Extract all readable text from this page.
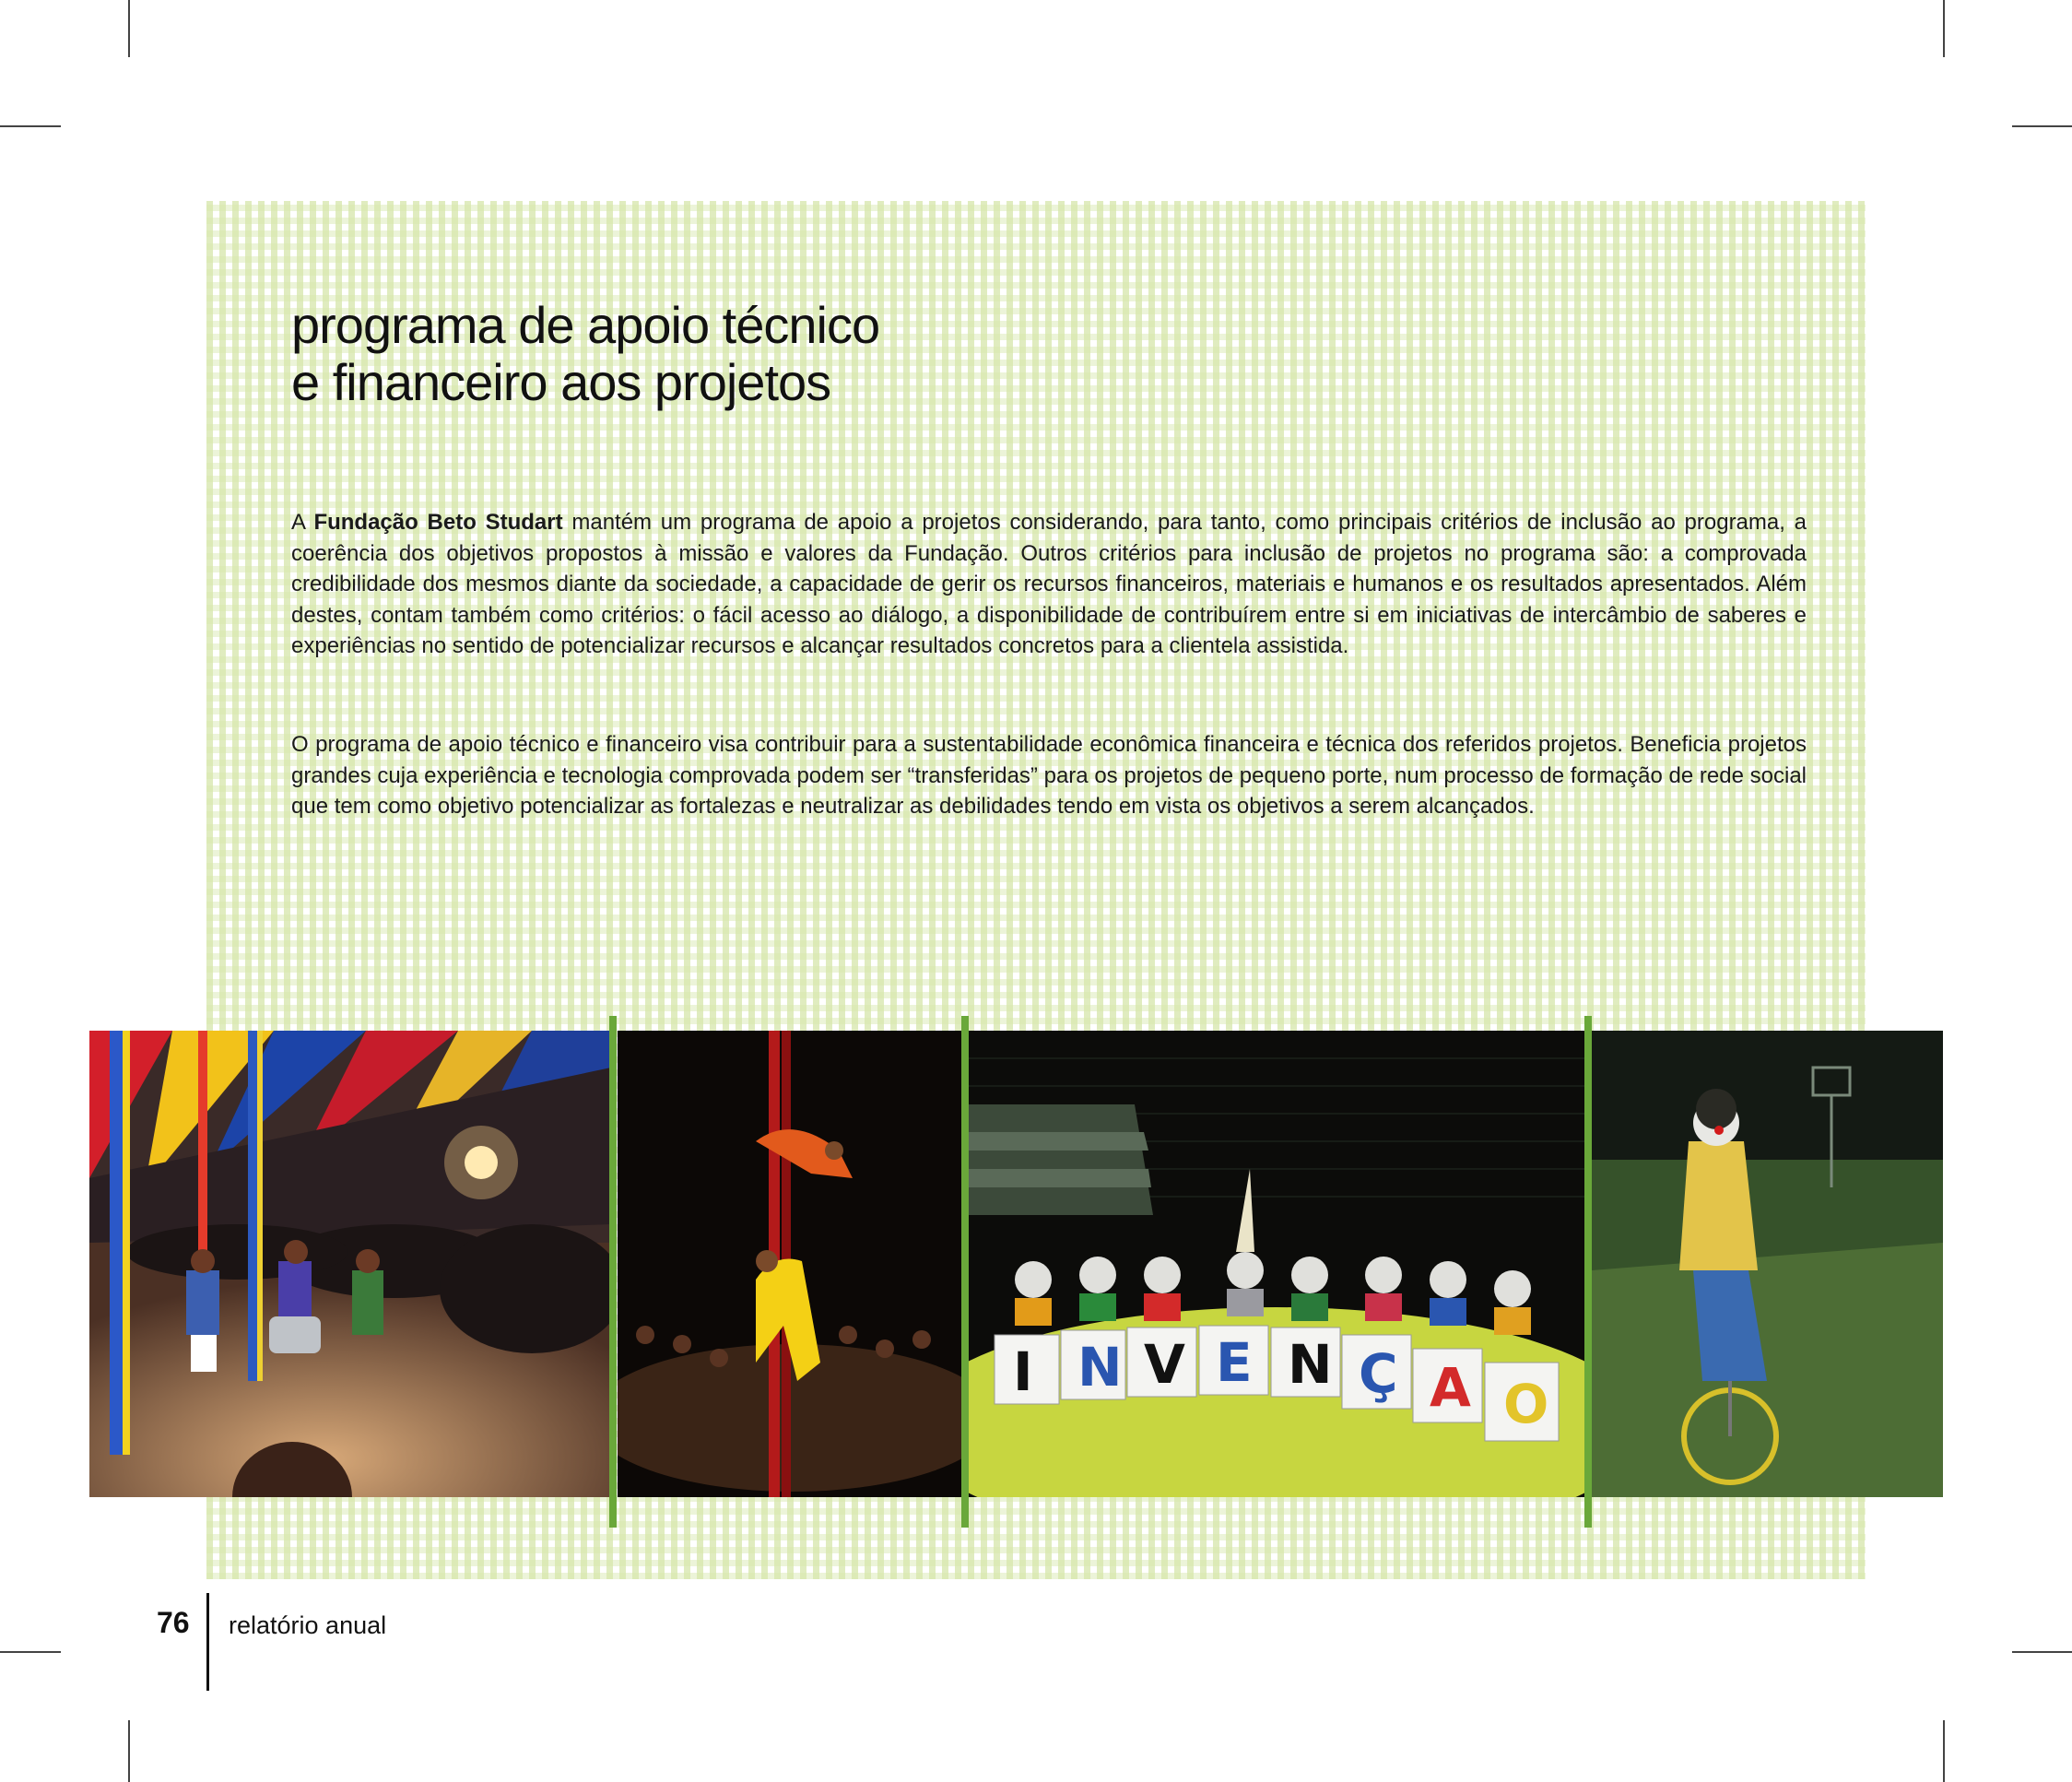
programa de apoio técnico
e financeiro aos projetos

A Fundação Beto Studart mantém um programa de apoio a projetos considerando, para tanto, como principais critérios de inclusão ao programa, a coerência dos objetivos propostos à missão e valores da Fundação. Outros critérios para inclusão de projetos no programa são: a comprovada credibilidade dos mesmos diante da sociedade, a capacidade de gerir os recursos financeiros, materiais e humanos e os resultados apresentados. Além destes, contam também como critérios: o fácil acesso ao diálogo, a disponibilidade de contribuírem entre si em iniciativas de intercâmbio de saberes e experiências no sentido de potencializar recursos e alcançar resultados concretos para a clientela assistida.

O programa de apoio técnico e financeiro visa contribuir para a sustentabilidade econômica financeira e técnica dos referidos projetos. Beneficia projetos grandes cuja experiência e tecnologia comprovada podem ser “transferidas” para os projetos de pequeno porte, num processo de formação de rede social que tem como objetivo potencializar as fortalezas e neutralizar as debilidades tendo em vista os objetivos a serem alcançados.

I N V E N Ç A O
76 relatório anual
